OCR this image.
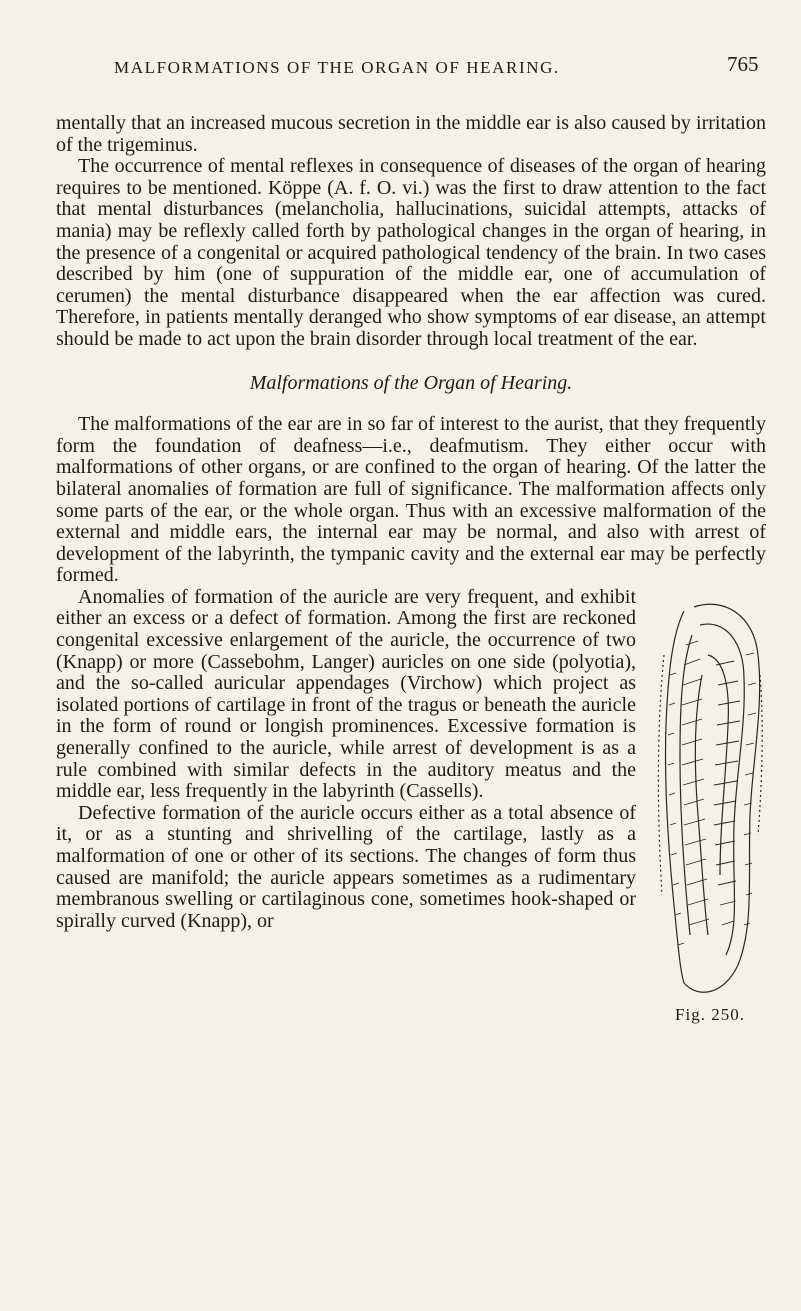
MALFORMATIONS OF THE ORGAN OF HEARING.	765

mentally that an increased mucous secretion in the middle ear is also caused by irritation of the trigeminus.

The occurrence of mental reflexes in consequence of diseases of the organ of hearing requires to be mentioned. Köppe (A. f. O. vi.) was the first to draw attention to the fact that mental disturbances (melancholia, hallucinations, suicidal attempts, attacks of mania) may be reflexly called forth by pathological changes in the organ of hearing, in the presence of a congenital or acquired pathological tendency of the brain. In two cases described by him (one of suppuration of the middle ear, one of accumulation of cerumen) the mental disturbance disappeared when the ear affection was cured. Therefore, in patients mentally deranged who show symptoms of ear disease, an attempt should be made to act upon the brain disorder through local treatment of the ear.

Malformations of the Organ of Hearing.

The malformations of the ear are in so far of interest to the aurist, that they frequently form the foundation of deafness—i.e., deafmutism. They either occur with malformations of other organs, or are confined to the organ of hearing. Of the latter the bilateral anomalies of formation are full of significance. The malformation affects only some parts of the ear, or the whole organ. Thus with an excessive malformation of the external and middle ears, the internal ear may be normal, and also with arrest of development of the labyrinth, the tympanic cavity and the external ear may be perfectly formed.

Fig. 250.

Anomalies of formation of the auricle are very frequent, and exhibit either an excess or a defect of formation. Among the first are reckoned congenital excessive enlargement of the auricle, the occurrence of two (Knapp) or more (Cassebohm, Langer) auricles on one side (polyotia), and the so-called auricular appendages (Virchow) which project as isolated portions of cartilage in front of the tragus or beneath the auricle in the form of round or longish prominences. Excessive formation is generally confined to the auricle, while arrest of development is as a rule combined with similar defects in the auditory meatus and the middle ear, less frequently in the labyrinth (Cassells).

Defective formation of the auricle occurs either as a total absence of it, or as a stunting and shrivelling of the cartilage, lastly as a malformation of one or other of its sections. The changes of form thus caused are manifold; the auricle appears sometimes as a rudimentary membranous swelling or cartilaginous cone, sometimes hook-shaped or spirally curved (Knapp), or
